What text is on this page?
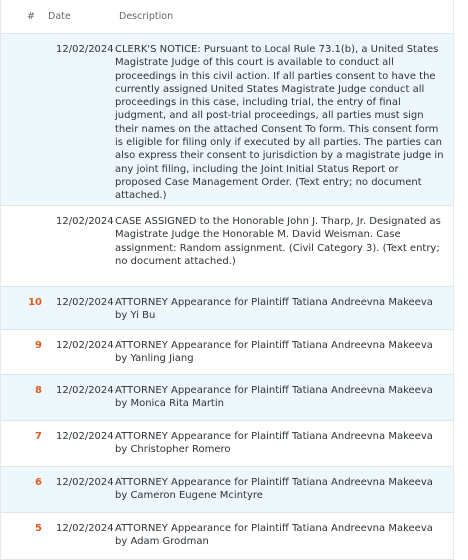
# Date	Description
12/02/2024 CLERK'S NOTICE: Pursuant to Local Rule 73.1(b), a United States Magistrate Judge of this court is available to conduct all proceedings in this civil action. If all parties consent to have the currently assigned United States Magistrate Judge conduct all proceedings in this case, including trial, the entry of final judgment, and all post-trial proceedings, all parties must sign their names on the attached Consent To form. This consent form is eligible for filing only if executed by all parties. The parties can also express their consent to jurisdiction by a magistrate judge in any joint filing, including the Joint Initial Status Report or proposed Case Management Order. (Text entry; no document attached.)
12/02/2024 CASE ASSIGNED to the Honorable John J. Tharp, Jr. Designated as Magistrate Judge the Honorable M. David Weisman. Case assignment: Random assignment. (Civil Category 3). (Text entry; no document attached.)
10 12/02/2024 ATTORNEY Appearance for Plaintiff Tatiana Andreevna Makeeva by Yi Bu
9 12/02/2024 ATTORNEY Appearance for Plaintiff Tatiana Andreevna Makeeva by Yanling Jiang
8 12/02/2024 ATTORNEY Appearance for Plaintiff Tatiana Andreevna Makeeva by Monica Rita Martin
7 12/02/2024 ATTORNEY Appearance for Plaintiff Tatiana Andreevna Makeeva by Christopher Romero
6 12/02/2024 ATTORNEY Appearance for Plaintiff Tatiana Andreevna Makeeva by Cameron Eugene Mcintyre
5 12/02/2024 ATTORNEY Appearance for Plaintiff Tatiana Andreevna Makeeva by Adam Grodman
